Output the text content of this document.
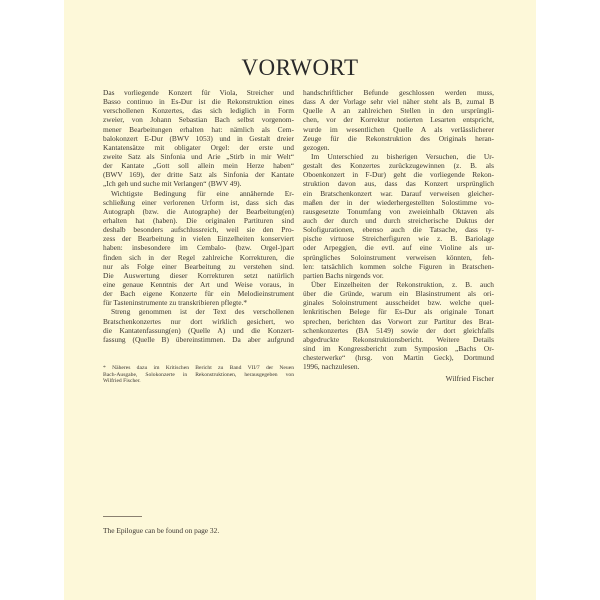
VORWORT
Das vorliegende Konzert für Viola, Streicher und
Basso continuo in Es-Dur ist die Rekonstruktion eines
verschollenen Konzertes, das sich lediglich in Form
zweier, von Johann Sebastian Bach selbst vorgenom-
mener Bearbeitungen erhalten hat: nämlich als Cem-
balokonzert E-Dur (BWV 1053) und in Gestalt dreier
Kantatensätze mit obligater Orgel: der erste und
zweite Satz als Sinfonia und Arie „Stirb in mir Welt“
der Kantate „Gott soll allein mein Herze haben“
(BWV 169), der dritte Satz als Sinfonia der Kantate
„Ich geh und suche mit Verlangen“ (BWV 49).
Wichtigste Bedingung für eine annähernde Er-
schließung einer verlorenen Urform ist, dass sich das
Autograph (bzw. die Autographe) der Bearbeitung(en)
erhalten hat (haben). Die originalen Partituren sind
deshalb besonders aufschlussreich, weil sie den Pro-
zess der Bearbeitung in vielen Einzelheiten konserviert
haben: insbesondere im Cembalo- (bzw. Orgel-)part
finden sich in der Regel zahlreiche Korrekturen, die
nur als Folge einer Bearbeitung zu verstehen sind.
Die Auswertung dieser Korrekturen setzt natürlich
eine genaue Kenntnis der Art und Weise voraus, in
der Bach eigene Konzerte für ein Melodieinstrument
für Tasteninstrumente zu transkribieren pflegte.*
Streng genommen ist der Text des verschollenen
Bratschenkonzertes nur dort wirklich gesichert, wo
die Kantatenfassung(en) (Quelle A) und die Konzert-
fassung (Quelle B) übereinstimmen. Da aber aufgrund
handschriftlicher Befunde geschlossen werden muss,
dass A der Vorlage sehr viel näher steht als B, zumal B
Quelle A an zahlreichen Stellen in den ursprüngli-
chen, vor der Korrektur notierten Lesarten entspricht,
wurde im wesentlichen Quelle A als verlässlicherer
Zeuge für die Rekonstruktion des Originals heran-
gezogen.
Im Unterschied zu bisherigen Versuchen, die Ur-
gestalt des Konzertes zurückzugewinnen (z. B. als
Oboenkonzert in F-Dur) geht die vorliegende Rekon-
struktion davon aus, dass das Konzert ursprünglich
ein Bratschenkonzert war. Darauf verweisen gleicher-
maßen der in der wiederhergestellten Solostimme vo-
rausgesetzte Tonumfang von zweieinhalb Oktaven als
auch der durch und durch streicherische Duktus der
Solofigurationen, ebenso auch die Tatsache, dass ty-
pische virtuose Streicherfiguren wie z. B. Bariolage
oder Arpeggien, die evtl. auf eine Violine als ur-
sprüngliches Soloinstrument verweisen könnten, feh-
len: tatsächlich kommen solche Figuren in Bratschen-
partien Bachs nirgends vor.
Über Einzelheiten der Rekonstruktion, z. B. auch
über die Gründe, warum ein Blasinstrument als ori-
ginales Soloinstrument ausscheidet bzw. welche quel-
lenkritischen Belege für Es-Dur als originale Tonart
sprechen, berichten das Vorwort zur Partitur des Brat-
schenkonzertes (BA 5149) sowie der dort gleichfalls
abgedruckte Rekonstruktionsbericht. Weitere Details
sind im Kongressbericht zum Symposion „Bachs Or-
chesterwerke“ (hrsg. von Martin Geck), Dortmund
1996, nachzulesen.
Wilfried Fischer
* Näheres dazu im Kritischen Bericht zu Band VII/7 der Neuen
Bach-Ausgabe, Solokonzerte in Rekonstruktionen, herausgegeben von
Wilfried Fischer.
The Epilogue can be found on page 32.
